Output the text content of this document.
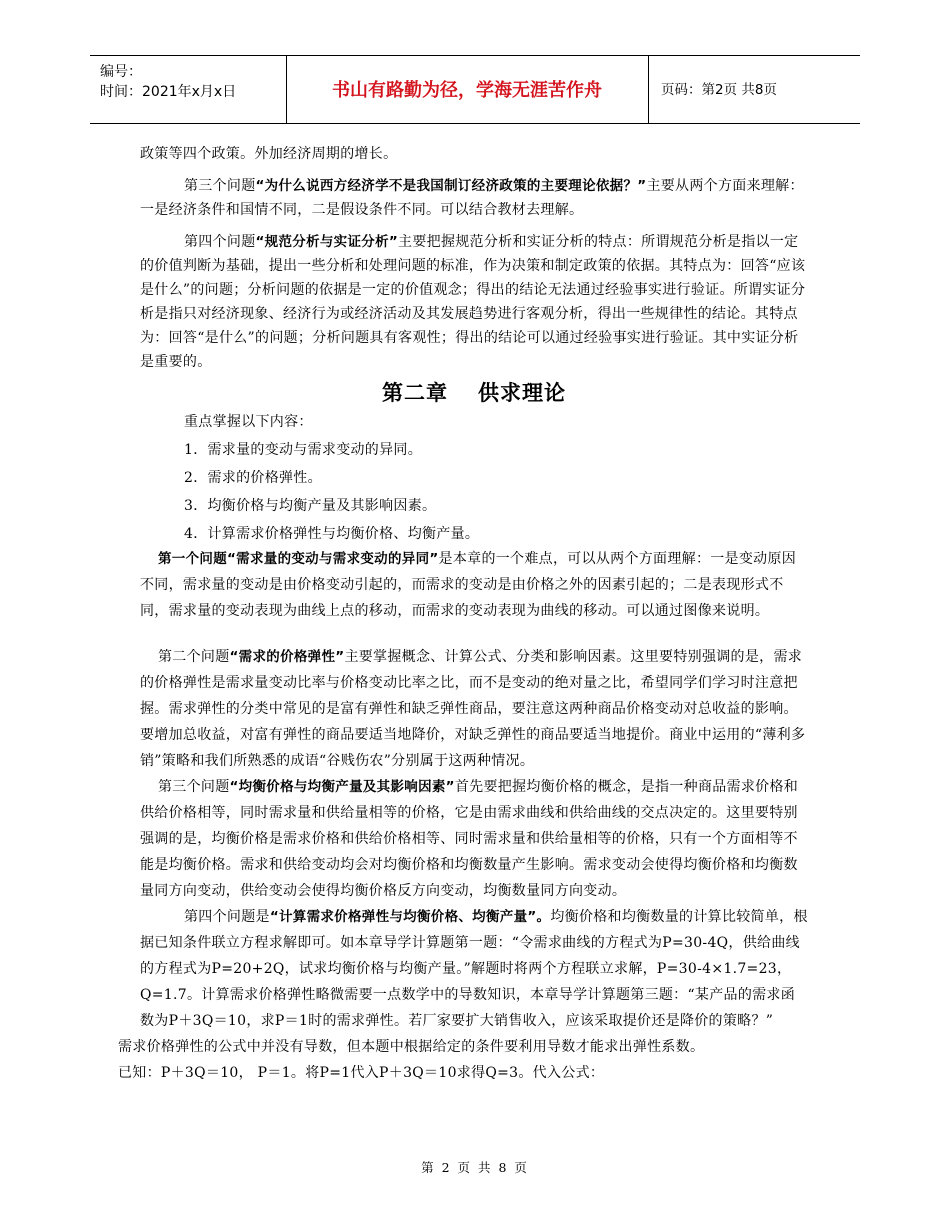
编号：
时间：2021年x月x日	书山有路勤为径，学海无涯苦作舟	页码：第2页 共8页

政策等四个政策。外加经济周期的增长。

第三个问题“为什么说西方经济学不是我国制订经济政策的主要理论依据？”主要从两个方面来理解：一是经济条件和国情不同，二是假设条件不同。可以结合教材去理解。

第四个问题“规范分析与实证分析”主要把握规范分析和实证分析的特点：所谓规范分析是指以一定的价值判断为基础，提出一些分析和处理问题的标准，作为决策和制定政策的依据。其特点为：回答“应该是什么”的问题；分析问题的依据是一定的价值观念；得出的结论无法通过经验事实进行验证。所谓实证分析是指只对经济现象、经济行为或经济活动及其发展趋势进行客观分析，得出一些规律性的结论。其特点为：回答“是什么”的问题；分析问题具有客观性；得出的结论可以通过经验事实进行验证。其中实证分析是重要的。

第二章 供求理论

重点掌握以下内容：

1．需求量的变动与需求变动的异同。

2．需求的价格弹性。

3．均衡价格与均衡产量及其影响因素。

4．计算需求价格弹性与均衡价格、均衡产量。

第一个问题“需求量的变动与需求变动的异同”是本章的一个难点，可以从两个方面理解：一是变动原因不同，需求量的变动是由价格变动引起的，而需求的变动是由价格之外的因素引起的；二是表现形式不同，需求量的变动表现为曲线上点的移动，而需求的变动表现为曲线的移动。可以通过图像来说明。

第二个问题“需求的价格弹性”主要掌握概念、计算公式、分类和影响因素。这里要特别强调的是，需求的价格弹性是需求量变动比率与价格变动比率之比，而不是变动的绝对量之比，希望同学们学习时注意把握。需求弹性的分类中常见的是富有弹性和缺乏弹性商品，要注意这两种商品价格变动对总收益的影响。要增加总收益，对富有弹性的商品要适当地降价，对缺乏弹性的商品要适当地提价。商业中运用的“薄利多销”策略和我们所熟悉的成语“谷贱伤农”分别属于这两种情况。

第三个问题“均衡价格与均衡产量及其影响因素”首先要把握均衡价格的概念，是指一种商品需求价格和供给价格相等，同时需求量和供给量相等的价格，它是由需求曲线和供给曲线的交点决定的。这里要特别强调的是，均衡价格是需求价格和供给价格相等、同时需求量和供给量相等的价格，只有一个方面相等不能是均衡价格。需求和供给变动均会对均衡价格和均衡数量产生影响。需求变动会使得均衡价格和均衡数量同方向变动，供给变动会使得均衡价格反方向变动，均衡数量同方向变动。

第四个问题是“计算需求价格弹性与均衡价格、均衡产量”。均衡价格和均衡数量的计算比较简单，根据已知条件联立方程求解即可。如本章导学计算题第一题：“令需求曲线的方程式为P=30-4Q，供给曲线的方程式为P=20+2Q，试求均衡价格与均衡产量。”解题时将两个方程联立求解，P=30-4×1.7=23，Q=1.7。计算需求价格弹性略微需要一点数学中的导数知识，本章导学计算题第三题：“某产品的需求函数为P＋3Q＝10，求P＝1时的需求弹性。若厂家要扩大销售收入，应该采取提价还是降价的策略？”

需求价格弹性的公式中并没有导数，但本题中根据给定的条件要利用导数才能求出弹性系数。

已知：P＋3Q＝10， P＝1。将P=1代入P＋3Q＝10求得Q=3。代入公式：

第 2 页 共 8 页
